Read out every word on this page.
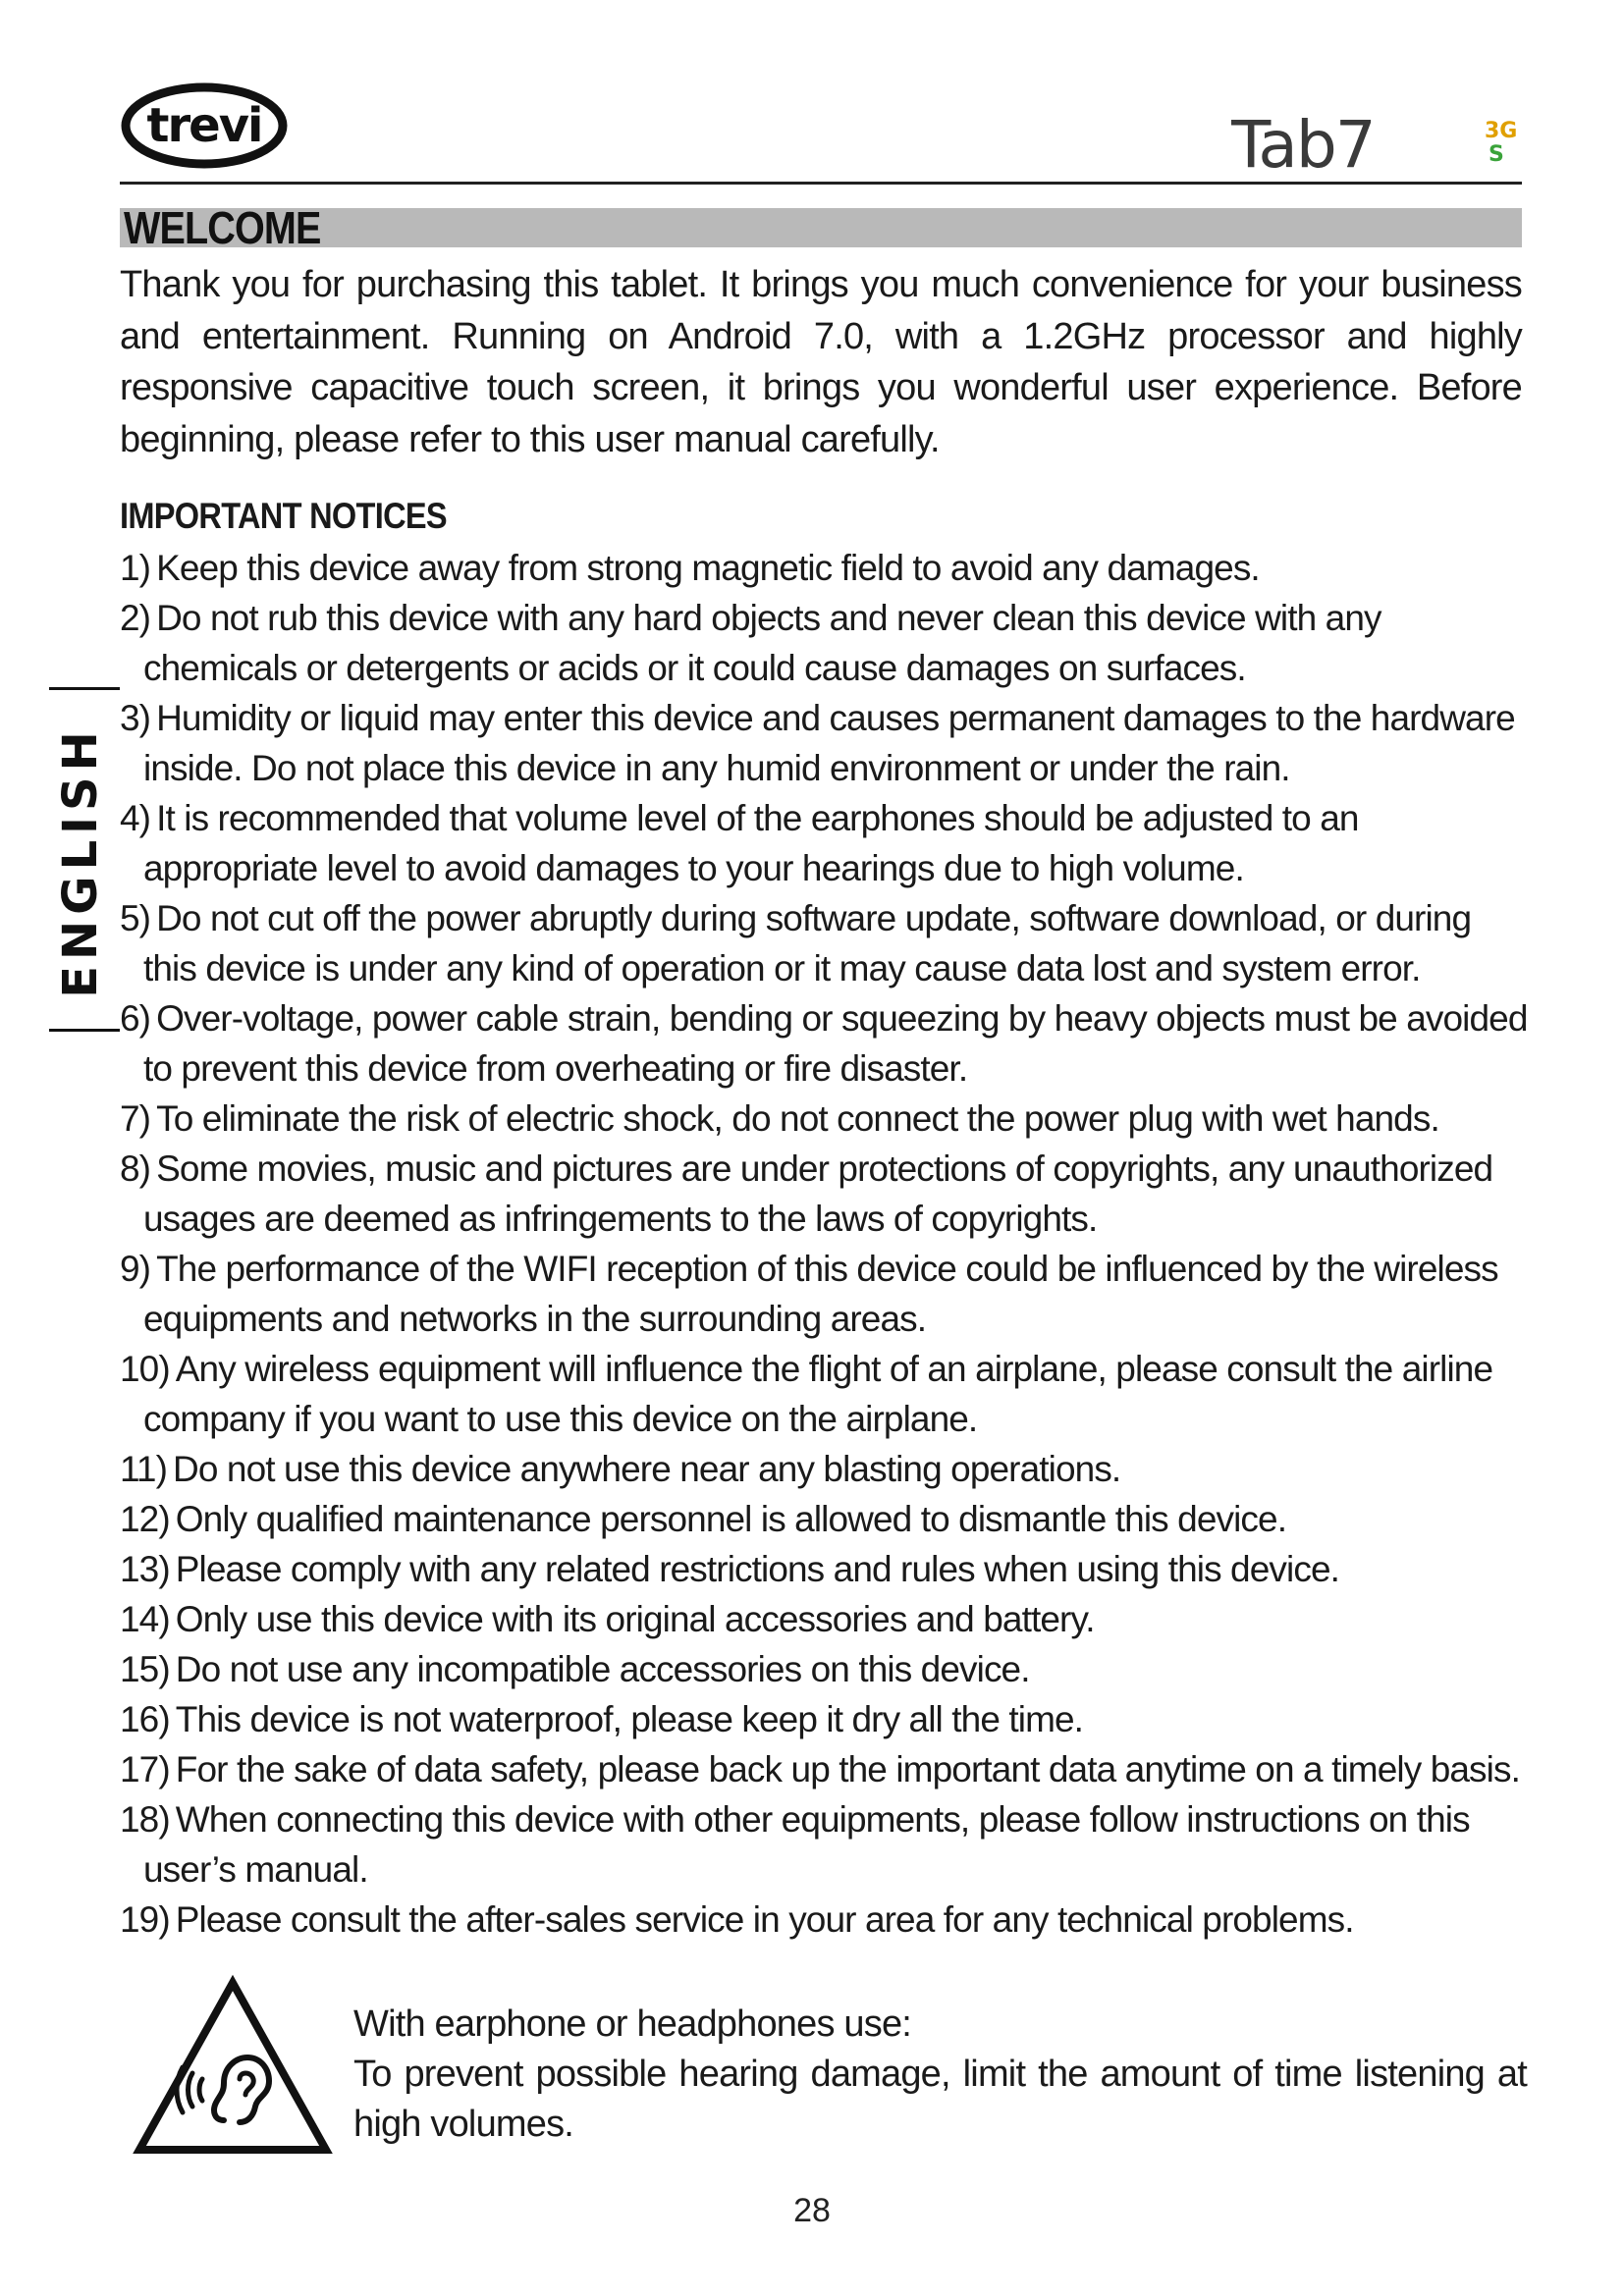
trevi	Tab7	3G
S
ENGLISH
WELCOME
Thank you for purchasing this tablet. It brings you much convenience for your business and entertainment. Running on Android 7.0, with a 1.2GHz processor and highly responsive capacitive touch screen, it brings you wonderful user experience. Before beginning, please refer to this user manual carefully.
IMPORTANT NOTICES
1) Keep this device away from strong magnetic field to avoid any damages.
2) Do not rub this device with any hard objects and never clean this device with any chemicals or detergents or acids or it could cause damages on surfaces.
3) Humidity or liquid may enter this device and causes permanent damages to the hardware inside. Do not place this device in any humid environment or under the rain.
4) It is recommended that volume level of the earphones should be adjusted to an appropriate level to avoid damages to your hearings due to high volume.
5) Do not cut off the power abruptly during software update, software download, or during this device is under any kind of operation or it may cause data lost and system error.
6) Over-voltage, power cable strain, bending or squeezing by heavy objects must be avoided to prevent this device from overheating or fire disaster.
7) To eliminate the risk of electric shock, do not connect the power plug with wet hands.
8) Some movies, music and pictures are under protections of copyrights, any unauthorized usages are deemed as infringements to the laws of copyrights.
9) The performance of the WIFI reception of this device could be influenced by the wireless equipments and networks in the surrounding areas.
10) Any wireless equipment will influence the flight of an airplane, please consult the airline company if you want to use this device on the airplane.
11) Do not use this device anywhere near any blasting operations.
12) Only qualified maintenance personnel is allowed to dismantle this device.
13) Please comply with any related restrictions and rules when using this device.
14) Only use this device with its original accessories and battery.
15) Do not use any incompatible accessories on this device.
16) This device is not waterproof, please keep it dry all the time.
17) For the sake of data safety, please back up the important data anytime on a timely basis.
18) When connecting this device with other equipments, please follow instructions on this user’s manual.
19) Please consult the after-sales service in your area for any technical problems.

With earphone or headphones use:

To prevent possible hearing damage, limit the amount of time listening at high volumes.

28
